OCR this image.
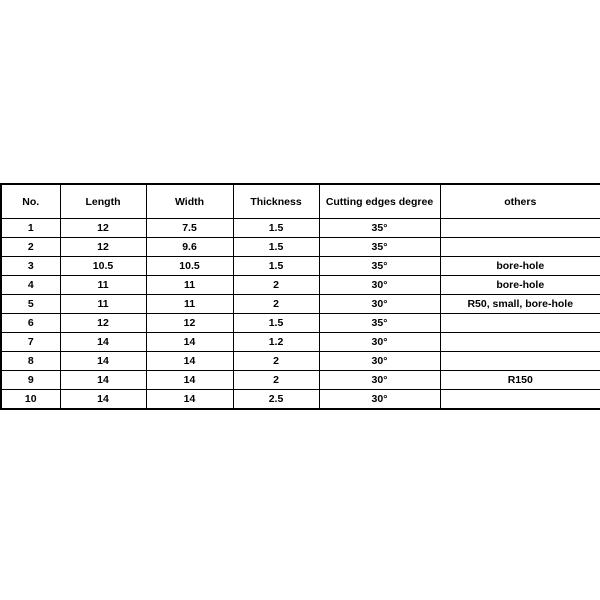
No.	Length	Width	Thickness	Cutting edges degree	others
1	12	7.5	1.5	35°	
2	12	9.6	1.5	35°	
3	10.5	10.5	1.5	35°	bore-hole
4	11	11	2	30°	bore-hole
5	11	11	2	30°	R50, small, bore-hole
6	12	12	1.5	35°	
7	14	14	1.2	30°	
8	14	14	2	30°	
9	14	14	2	30°	R150
10	14	14	2.5	30°	
